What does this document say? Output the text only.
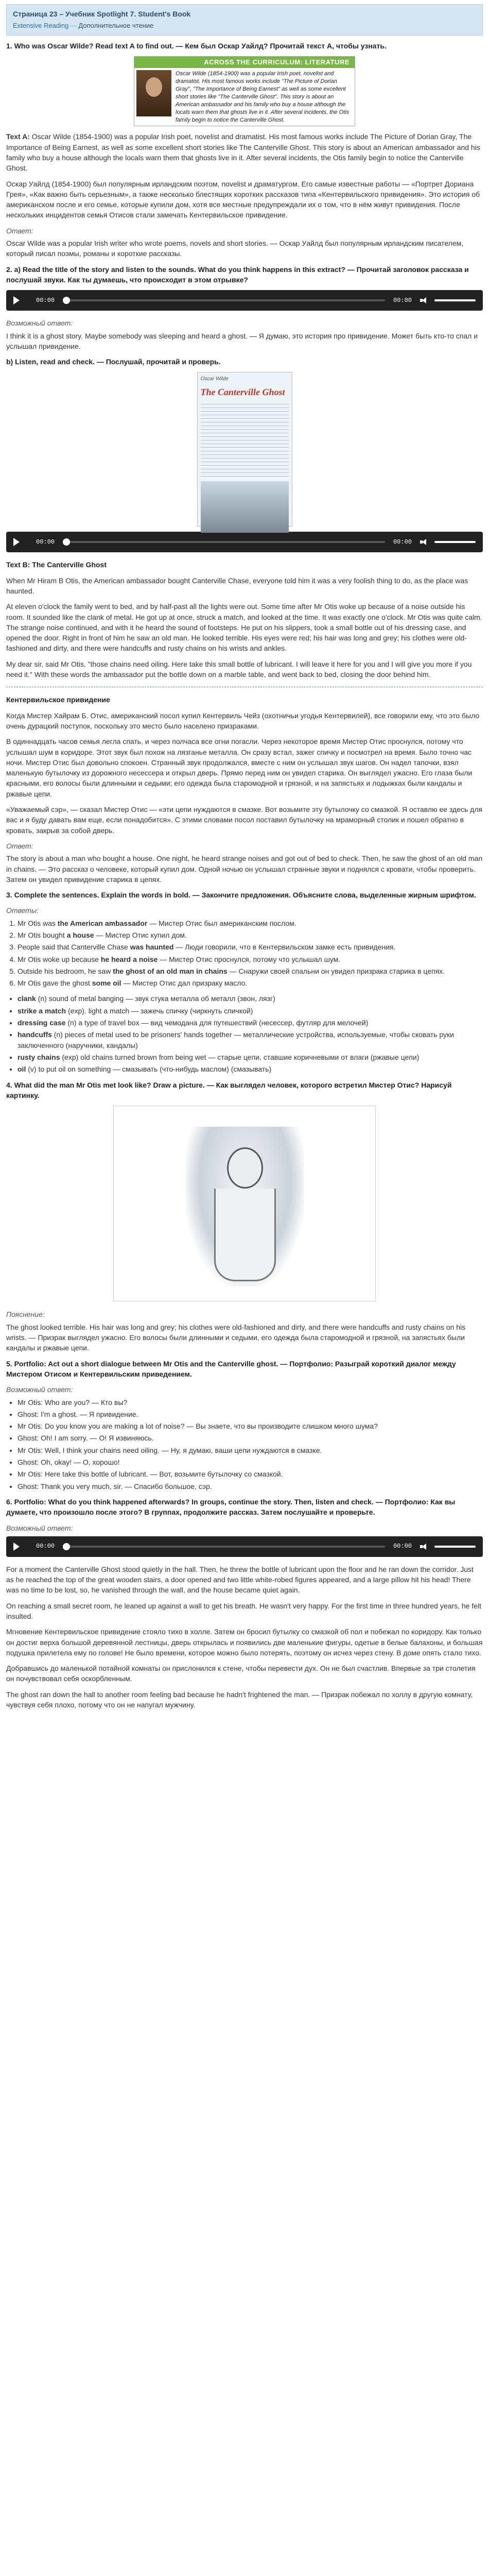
Страница 23 – Учебник Spotlight 7. Student's Book
Extensive Reading — Дополнительное чтение

1. Who was Oscar Wilde? Read text A to find out. — Кем был Оскар Уайлд? Прочитай текст А, чтобы узнать.

ACROSS THE CURRICULUM: LITERATURE
Oscar Wilde (1854-1900) was a popular Irish poet, novelist and dramatist. His most famous works include "The Picture of Dorian Gray", "The Importance of Being Earnest" as well as some excellent short stories like "The Canterville Ghost". This story is about an American ambassador and his family who buy a house although the locals warn them that ghosts live in it. After several incidents, the Otis family begin to notice the Canterville Ghost.

Text A: Oscar Wilde (1854-1900) was a popular Irish poet, novelist and dramatist. His most famous works include The Picture of Dorian Gray, The Importance of Being Earnest, as well as some excellent short stories like The Canterville Ghost. This story is about an American ambassador and his family who buy a house although the locals warn them that ghosts live in it. After several incidents, the Otis family begin to notice the Canterville Ghost.

Оскар Уайлд (1854-1900) был популярным ирландским поэтом, novelist и драматургом. Его самые известные работы — «Портрет Дориана Грея», «Как важно быть серьезным», а также несколько блестящих коротких рассказов типа «Кентервильского привидения». Это история об американском после и его семье, которые купили дом, хотя все местные предупреждали их о том, что в нём живут привидения. После нескольких инцидентов семья Отисов стали замечать Кентервильское привидение.

Ответ:

Oscar Wilde was a popular Irish writer who wrote poems, novels and short stories. — Оскар Уайлд был популярным ирландским писателем, который писал поэмы, романы и короткие рассказы.

2. a) Read the title of the story and listen to the sounds. What do you think happens in this extract? — Прочитай заголовок рассказа и послушай звуки. Как ты думаешь, что происходит в этом отрывке?

00:00	00:00

Возможный ответ:

I think it is a ghost story. Maybe somebody was sleeping and heard a ghost. — Я думаю, это история про привидение. Может быть кто-то спал и услышал привидение.

b) Listen, read and check. — Послушай, прочитай и проверь.

Oscar Wilde
The Canterville Ghost
00:00	00:00

Text B: The Canterville Ghost

When Mr Hiram B Otis, the American ambassador bought Canterville Chase, everyone told him it was a very foolish thing to do, as the place was haunted.

At eleven o'clock the family went to bed, and by half-past all the lights were out. Some time after Mr Otis woke up because of a noise outside his room. It sounded like the clank of metal. He got up at once, struck a match, and looked at the time. It was exactly one o'clock. Mr Otis was quite calm. The strange noise continued, and with it he heard the sound of footsteps. He put on his slippers, took a small bottle out of his dressing case, and opened the door. Right in front of him he saw an old man. He looked terrible. His eyes were red; his hair was long and grey; his clothes were old-fashioned and dirty, and there were handcuffs and rusty chains on his wrists and ankles.

My dear sir, said Mr Otis, "those chains need oiling. Here take this small bottle of lubricant. I will leave it here for you and I will give you more if you need it." With these words the ambassador put the bottle down on a marble table, and went back to bed, closing the door behind him.

Кентервильское привидение

Когда Мистер Хайрам Б. Отис, американский посол купил Кентервиль Чейз (охотничьи угодья Кентервилей), все говорили ему, что это было очень дурацкий поступок, поскольку это место было населено призраками.

В одиннадцать часов семья легла спать, и через полчаса все огни погасли. Через некоторое время Мистер Отис проснулся, потому что услышал шум в коридоре. Этот звук был похож на лязганье металла. Он сразу встал, зажег спичку и посмотрел на время. Было точно час ночи. Мистер Отис был довольно спокоен. Странный звук продолжался, вместе с ним он услышал звук шагов. Он надел тапочки, взял маленькую бутылочку из дорожного несессера и открыл дверь. Прямо перед ним он увидел старика. Он выглядел ужасно. Его глаза были красными, его волосы были длинными и седыми; его одежда была старомодной и грязной, и на запястьях и лодыжках были кандалы и ржавые цепи.

«Уважаемый сэр», — сказал Мистер Отис — «эти цепи нуждаются в смазке. Вот возьмите эту бутылочку со смазкой. Я оставлю ее здесь для вас и я буду давать вам еще, если понадобится». С этими словами посол поставил бутылочку на мраморный столик и пошел обратно в кровать, закрыв за собой дверь.

Ответ:

The story is about a man who bought a house. One night, he heard strange noises and got out of bed to check. Then, he saw the ghost of an old man in chains. — Это рассказ о человеке, который купил дом. Одной ночью он услышал странные звуки и поднялся с кровати, чтобы проверить. Затем он увидел привидение старика в цепях.

3. Complete the sentences. Explain the words in bold. — Закончите предложения. Объясните слова, выделенные жирным шрифтом.

Ответы:

1. Mr Otis was the American ambassador — Мистер Отис был американским послом.
2. Mr Otis bought a house — Мистер Отис купил дом.
3. People said that Canterville Chase was haunted — Люди говорили, что в Кентервильском замке есть привидения.
4. Mr Otis woke up because he heard a noise — Мистер Отис проснулся, потому что услышал шум.
5. Outside his bedroom, he saw the ghost of an old man in chains — Снаружи своей спальни он увидел призрака старика в цепях.
6. Mr Otis gave the ghost some oil — Мистер Отис дал призраку масло.
• clank (n) sound of metal banging — звук стука металла об металл (звон, лязг)
• strike a match (exp). light a match — зажечь спичку (чиркнуть спичкой)
• dressing case (n) a type of travel box — вид чемодана для путешествий (несессер, футляр для мелочей)
• handcuffs (n) pieces of metal used to be prisoners' hands together — металлические устройства, используемые, чтобы сковать руки заключенного (наручники, кандалы)
• rusty chains (exp) old chains turned brown from being wet — старые цепи, ставшие коричневыми от влаги (ржавые цепи)
• oil (v) to put oil on something — смазывать (что-нибудь маслом) (смазывать)

4. What did the man Mr Otis met look like? Draw a picture. — Как выглядел человек, которого встретил Мистер Отис? Нарисуй картинку.

Пояснение:

The ghost looked terrible. His hair was long and grey; his clothes were old-fashioned and dirty, and there were handcuffs and rusty chains on his wrists. — Призрак выглядел ужасно. Его волосы были длинными и седыми, его одежда была старомодной и грязной, на запястьях были кандалы и ржавые цепи.

5. Portfolio: Act out a short dialogue between Mr Otis and the Canterville ghost. — Портфолио: Разыграй короткий диалог между Мистером Отисом и Кентервильским приведением.

Возможный ответ:

• Mr Otis: Who are you? — Кто вы?
• Ghost: I'm a ghost. — Я привидение.
• Mr Otis: Do you know you are making a lot of noise? — Вы знаете, что вы производите слишком много шума?
• Ghost: Oh! I am sorry. — О! Я извиняюсь.
• Mr Otis: Well, I think your chains need oiling. — Ну, я думаю, ваши цепи нуждаются в смазке.
• Ghost: Oh, okay! — О, хорошо!
• Mr Otis: Here take this bottle of lubricant. — Вот, возьмите бутылочку со смазкой.
• Ghost: Thank you very much, sir. — Спасибо большое, сэр.

6. Portfolio: What do you think happened afterwards? In groups, continue the story. Then, listen and check. — Портфолио: Как вы думаете, что произошло после этого? В группах, продолжите рассказ. Затем послушайте и проверьте.

Возможный ответ:

00:00	00:00

For a moment the Canterville Ghost stood quietly in the hall. Then, he threw the bottle of lubricant upon the floor and he ran down the corridor. Just as he reached the top of the great wooden stairs, a door opened and two little white-robed figures appeared, and a large pillow hit his head! There was no time to be lost, so, he vanished through the wall, and the house became quiet again.

On reaching a small secret room, he leaned up against a wall to get his breath. He wasn't very happy. For the first time in three hundred years, he felt insulted.

Мгновение Кентервильское привидение стояло тихо в холле. Затем он бросил бутылку со смазкой об пол и побежал по коридору. Как только он достиг верха большой деревянной лестницы, дверь открылась и появились две маленькие фигуры, одетые в белые балахоны, и большая подушка прилетела ему по голове! Не было времени, которое можно было потерять, поэтому он исчез через стену. В доме опять стало тихо.

Добравшись до маленькой потайной комнаты он прислонился к стене, чтобы перевести дух. Он не был счастлив. Впервые за три столетия он почувствовал себя оскорбленным.

The ghost ran down the hall to another room feeling bad because he hadn't frightened the man. — Призрак побежал по холлу в другую комнату, чувствуя себя плохо, потому что он не напугал мужчину.
